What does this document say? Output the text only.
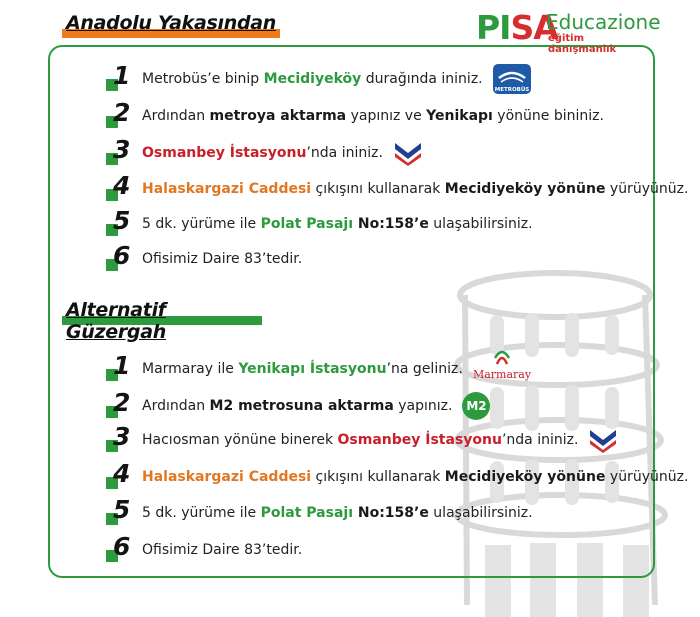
Anadolu Yakasından	PISA
Educazione
eğitim danışmanlık
1 Metrobüs’e binip Mecidiyeköy durağında ininiz.
METROBÜS
2 Ardından metroya aktarma yapınız ve Yenikapı yönüne bininiz.
3 Osmanbey İstasyonu’nda ininiz.
4 Halaskargazi Caddesi çıkışını kullanarak Mecidiyeköy yönüne yürüyünüz.
5 5 dk. yürüme ile Polat Pasajı No:158’e ulaşabilirsiniz.
6 Ofisimiz Daire 83’tedir.
Alternatif Güzergah
1 Marmaray ile Yenikapı İstasyonu’na geliniz. Marmaray
2 Ardından M2 metrosuna aktarma yapınız.	M2
3 Hacıosman yönüne binerek Osmanbey İstasyonu’nda ininiz.
4 Halaskargazi Caddesi çıkışını kullanarak Mecidiyeköy yönüne yürüyünüz.
5 5 dk. yürüme ile Polat Pasajı No:158’e ulaşabilirsiniz.
6 Ofisimiz Daire 83’tedir.
